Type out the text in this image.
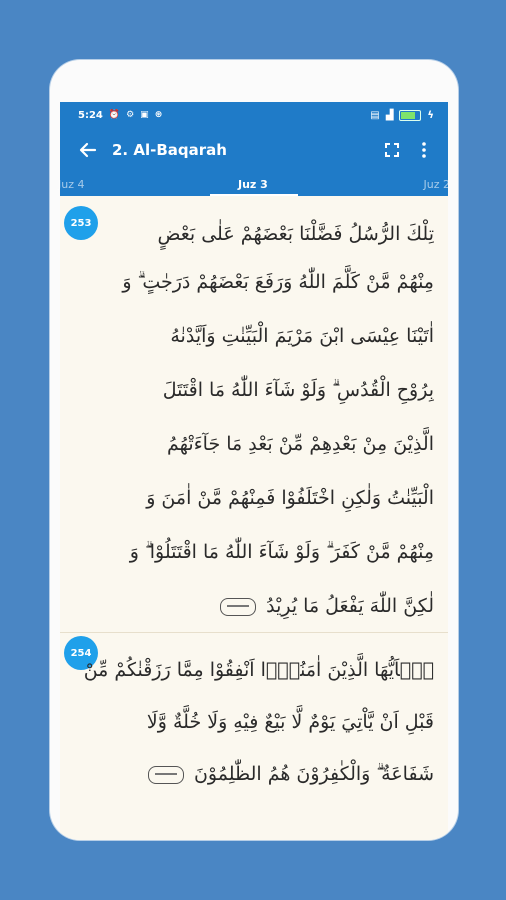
5:24 ⏰ ⚙ ▣ ⊛	▤ ▟	ϟ
2. Al-Baqarah
Juz 4	Juz 3	Juz 2
253	تِلْكَ الرُّسُلُ فَضَّلْنَا بَعْضَهُمْ عَلٰى بَعْضٍ
مِنْهُمْ مَّنْ كَلَّمَ اللّٰهُ وَرَفَعَ بَعْضَهُمْ دَرَجٰتٍ ۗ وَ
اٰتَيْنَا عِيْسَى ابْنَ مَرْيَمَ الْبَيِّنٰتِ وَاَيَّدْنٰهُ
بِرُوْحِ الْقُدُسِ ۗ وَلَوْ شَآءَ اللّٰهُ مَا اقْتَتَلَ
الَّذِيْنَ مِنْ بَعْدِهِمْ مِّنْ بَعْدِ مَا جَآءَتْهُمُ
الْبَيِّنٰتُ وَلٰكِنِ اخْتَلَفُوْا فَمِنْهُمْ مَّنْ اٰمَنَ وَ
مِنْهُمْ مَّنْ كَفَرَ ۗ وَلَوْ شَآءَ اللّٰهُ مَا اقْتَتَلُوْا ۗ وَ
لٰكِنَّ اللّٰهَ يَفْعَلُ مَا يُرِيْدُ
254
يٰۤاَيُّهَا الَّذِيْنَ اٰمَنُوْۤا اَنْفِقُوْا مِمَّا رَزَقْنٰكُمْ مِّنْ
قَبْلِ اَنْ يَّاْتِيَ يَوْمٌ لَّا بَيْعٌ فِيْهِ وَلَا خُلَّةٌ وَّلَا
شَفَاعَةٌ ۗ وَالْكٰفِرُوْنَ هُمُ الظّٰلِمُوْنَ
